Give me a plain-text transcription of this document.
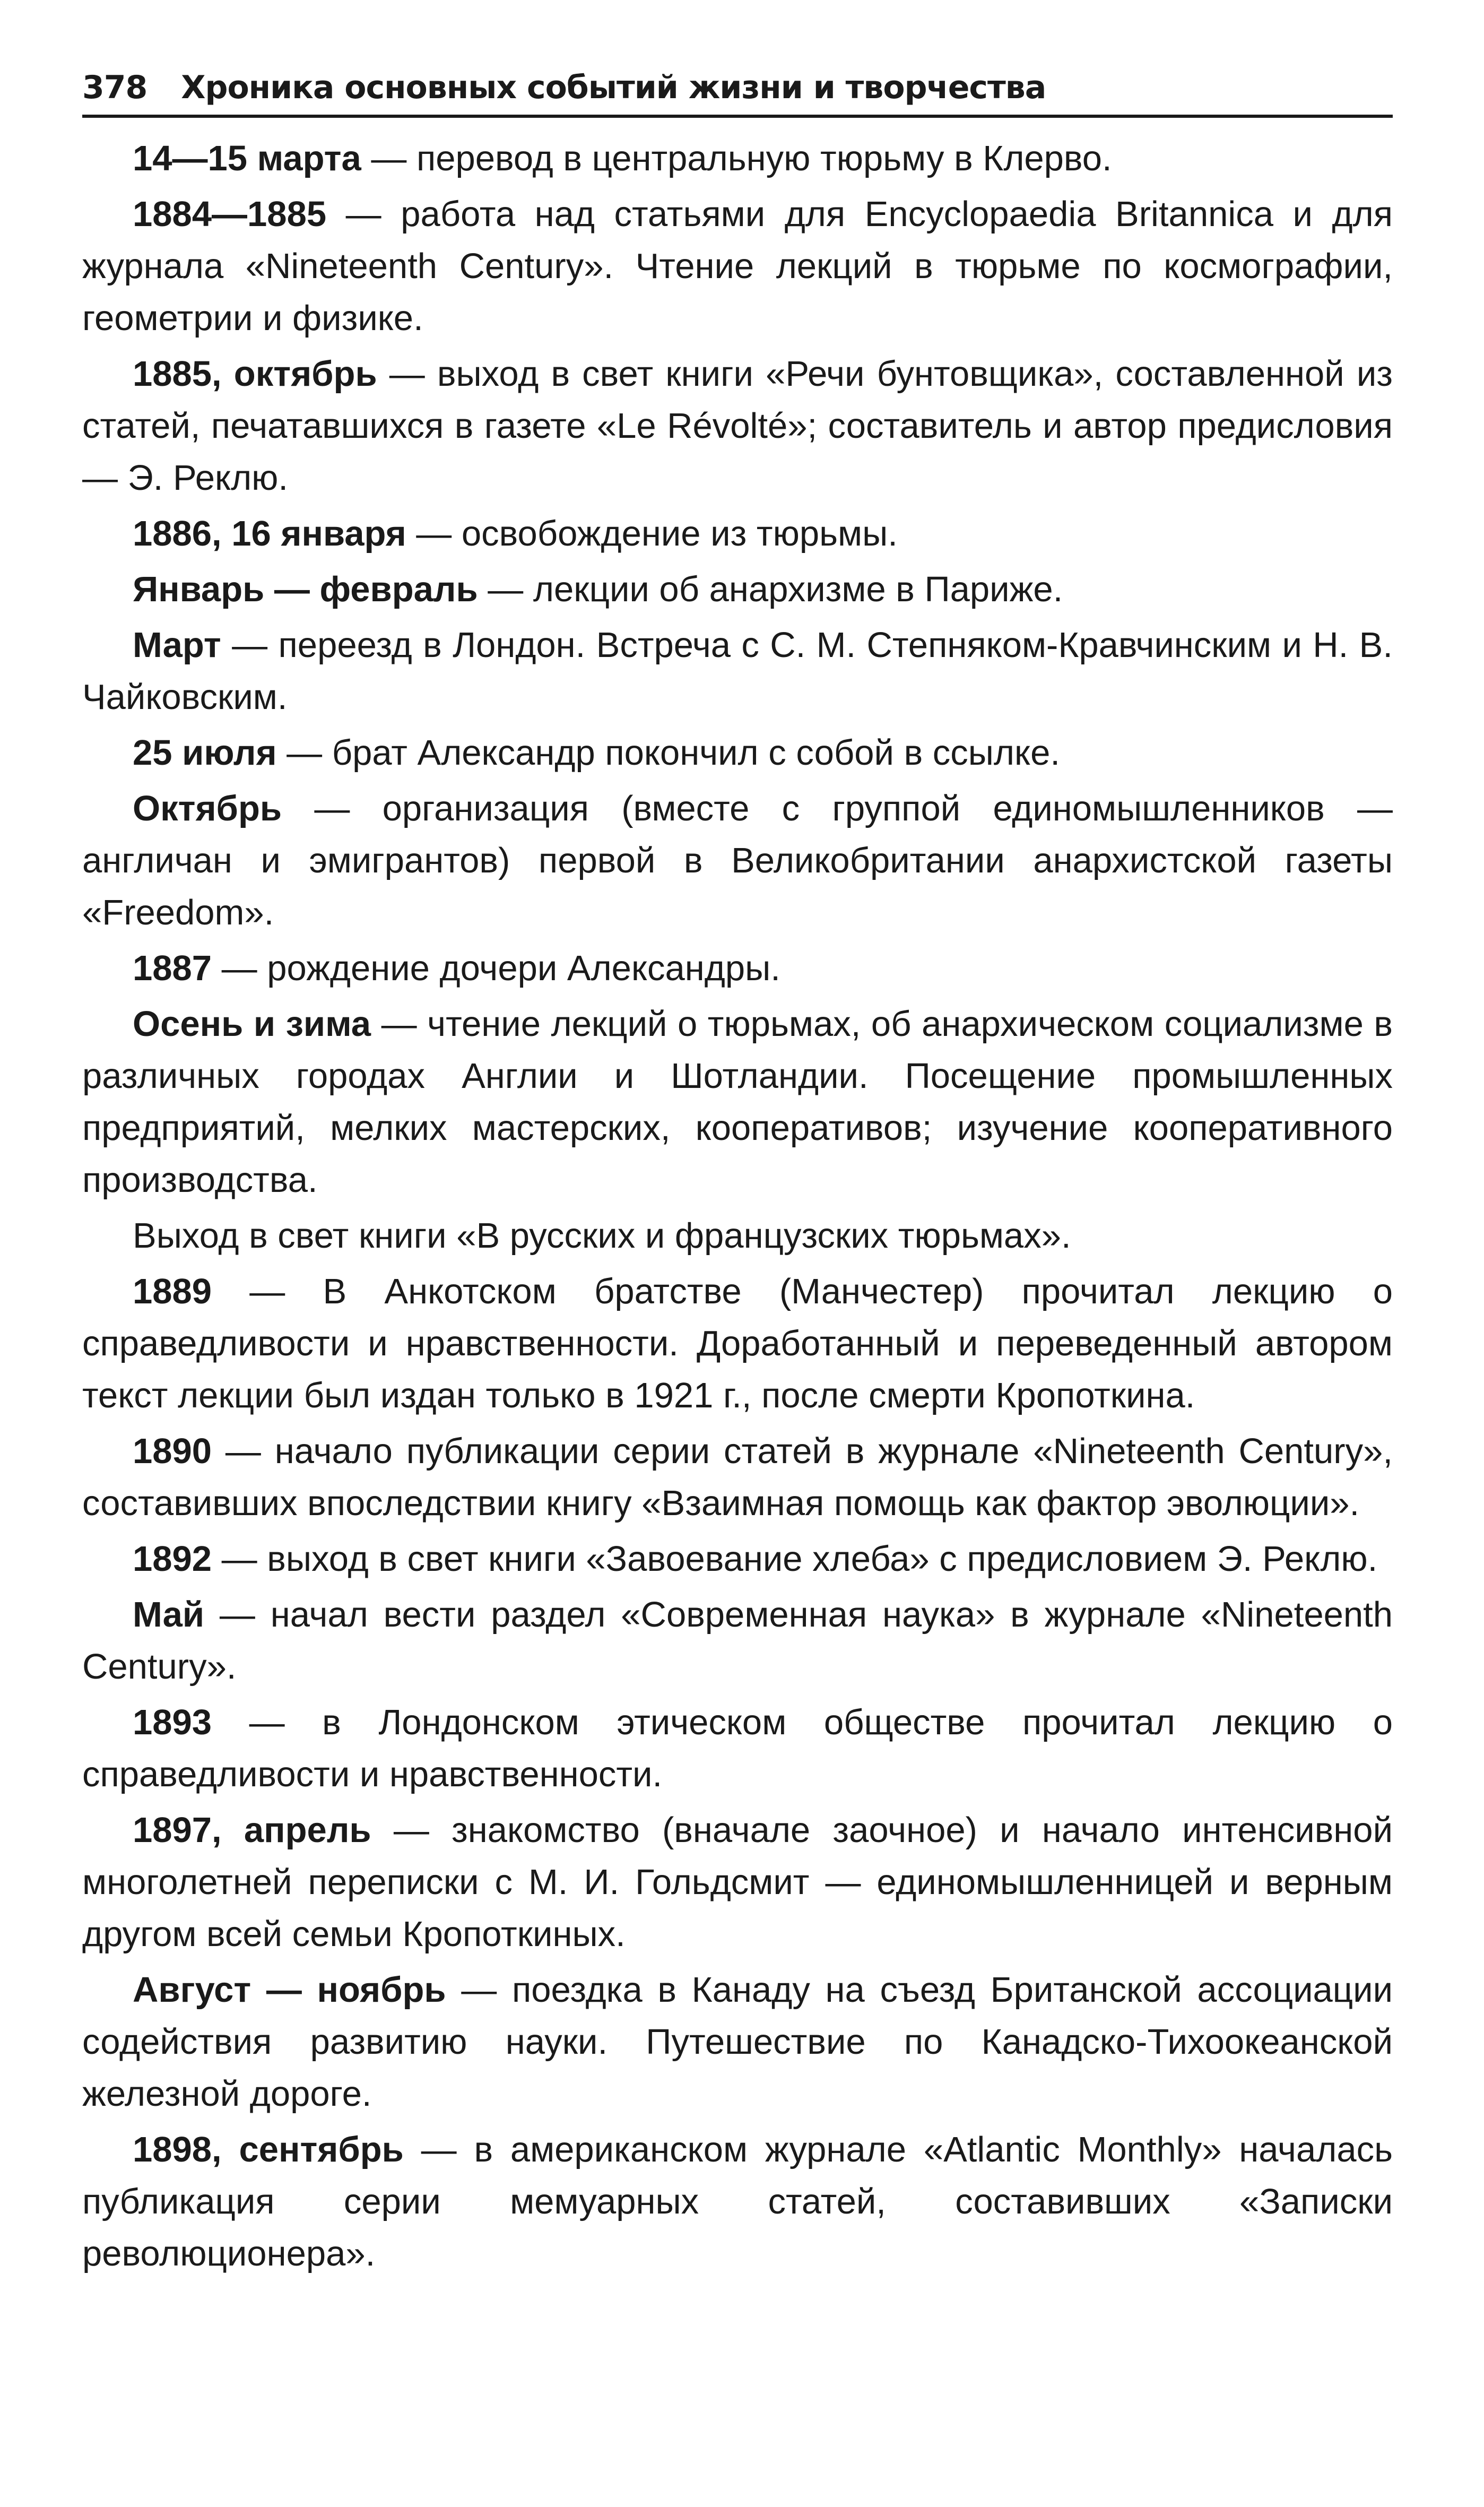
378 Хроника основных событий жизни и творчества

14—15 марта — перевод в центральную тюрьму в Клерво.

1884—1885 — работа над статьями для Encyclopaedia Britannica и для журнала «Nineteenth Century». Чтение лекций в тюрьме по космографии, геометрии и физике.

1885, октябрь — выход в свет книги «Речи бунтовщика», составленной из статей, печатавшихся в газете «Le Révolté»; составитель и автор предисловия — Э. Реклю.

1886, 16 января — освобождение из тюрьмы.

Январь — февраль — лекции об анархизме в Париже.

Март — переезд в Лондон. Встреча с С. М. Степняком-Кравчинским и Н. В. Чайковским.

25 июля — брат Александр покончил с собой в ссылке.

Октябрь — организация (вместе с группой единомышленников — англичан и эмигрантов) первой в Великобритании анархистской газеты «Freedom».

1887 — рождение дочери Александры.

Осень и зима — чтение лекций о тюрьмах, об анархическом социализме в различных городах Англии и Шотландии. Посещение промышленных предприятий, мелких мастерских, кооперативов; изучение кооперативного производства.

Выход в свет книги «В русских и французских тюрьмах».

1889 — В Анкотском братстве (Манчестер) прочитал лекцию о справедливости и нравственности. Доработанный и переведенный автором текст лекции был издан только в 1921 г., после смерти Кропоткина.

1890 — начало публикации серии статей в журнале «Nineteenth Century», составивших впоследствии книгу «Взаимная помощь как фактор эволюции».

1892 — выход в свет книги «Завоевание хлеба» с предисловием Э. Реклю.

Май — начал вести раздел «Современная наука» в журнале «Nineteenth Century».

1893 — в Лондонском этическом обществе прочитал лекцию о справедливости и нравственности.

1897, апрель — знакомство (вначале заочное) и начало интенсивной многолетней переписки с М. И. Гольдсмит — единомышленницей и верным другом всей семьи Кропоткиных.

Август — ноябрь — поездка в Канаду на съезд Британской ассоциации содействия развитию науки. Путешествие по Канадско-Тихоокеанской железной дороге.

1898, сентябрь — в американском журнале «Atlantic Monthly» началась публикация серии мемуарных статей, составивших «Записки революционера».
